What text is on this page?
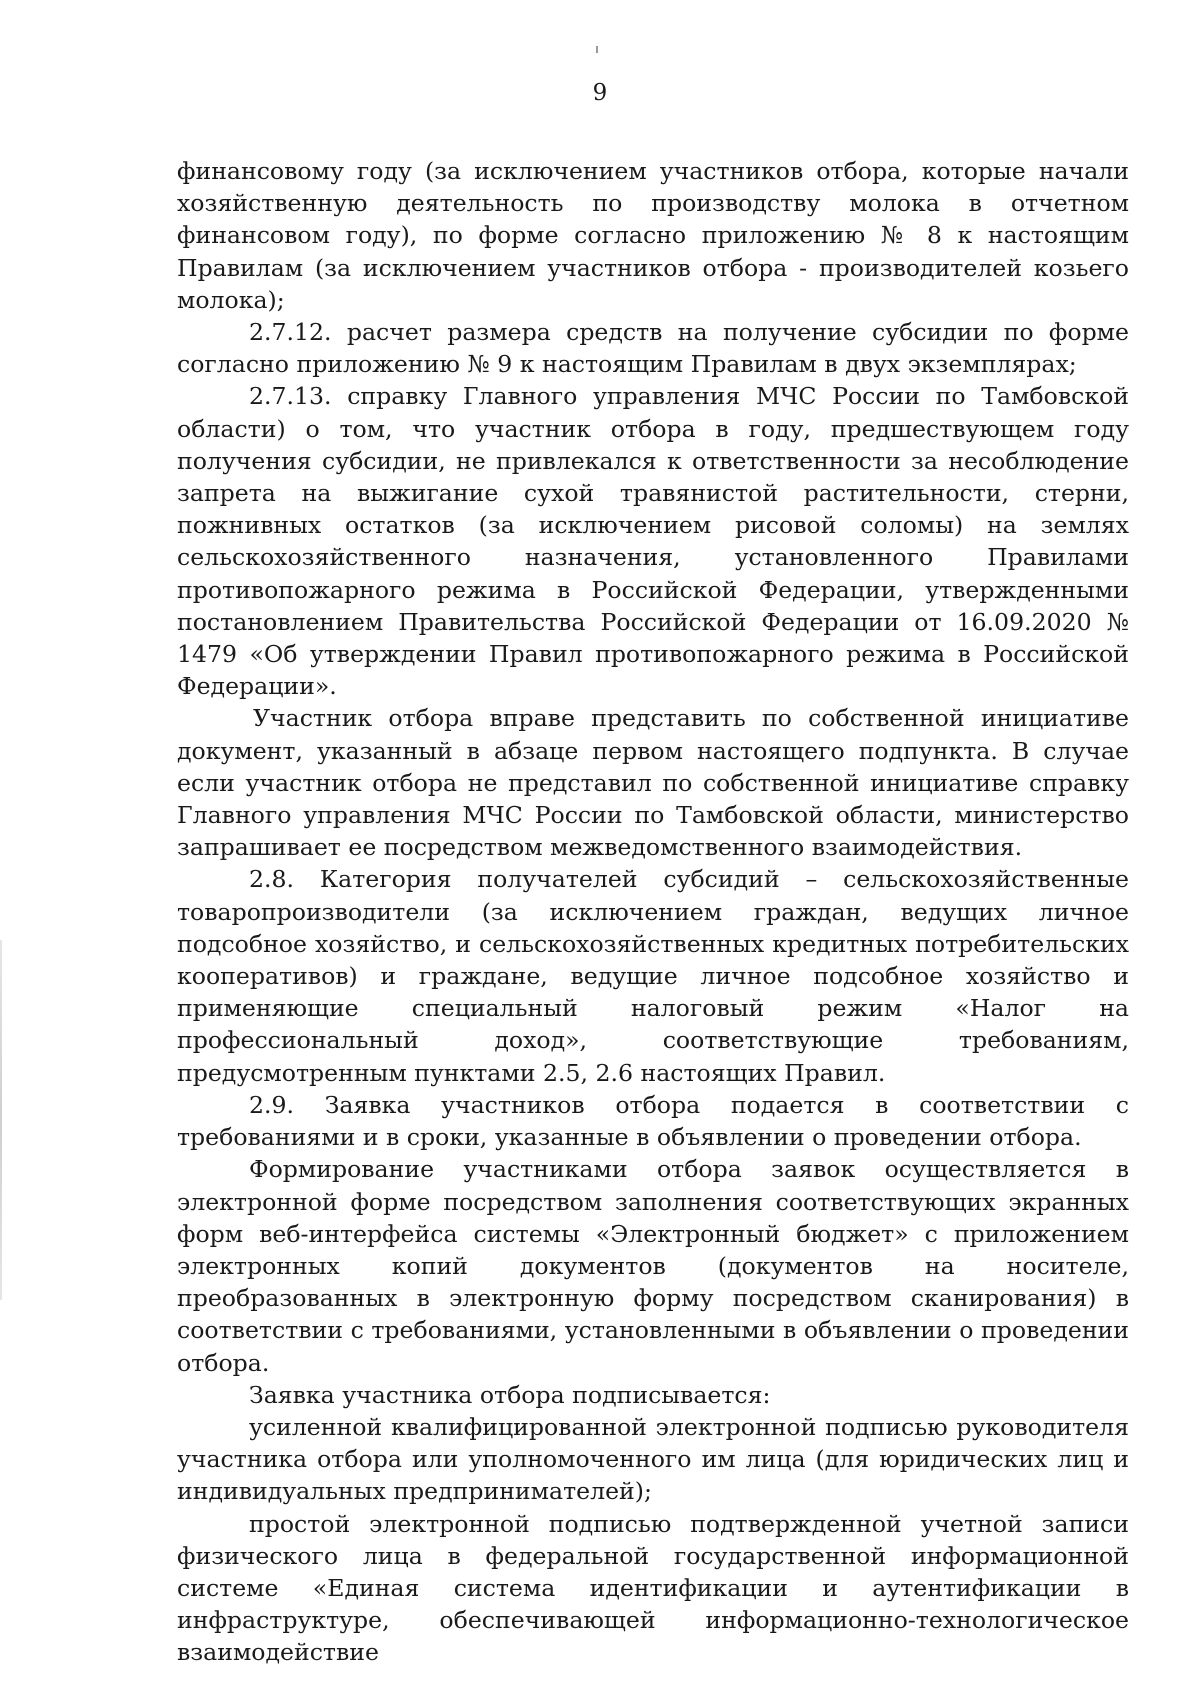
9

финансовому году (за исключением участников отбора, которые начали хозяйственную деятельность по производству молока в отчетном финансовом году), по форме согласно приложению № 8 к настоящим Правилам (за исключением участников отбора - производителей козьего молока);

2.7.12. расчет размера средств на получение субсидии по форме согласно приложению № 9 к настоящим Правилам в двух экземплярах;

2.7.13. справку Главного управления МЧС России по Тамбовской области) о том, что участник отбора в году, предшествующем году получения субсидии, не привлекался к ответственности за несоблюдение запрета на выжигание сухой травянистой растительности, стерни, пожнивных остатков (за исключением рисовой соломы) на землях сельскохозяйственного назначения, установленного Правилами противопожарного режима в Российской Федерации, утвержденными постановлением Правительства Российской Федерации от 16.09.2020 № 1479 «Об утверждении Правил противопожарного режима в Российской Федерации».

Участник отбора вправе представить по собственной инициативе документ, указанный в абзаце первом настоящего подпункта. В случае если участник отбора не представил по собственной инициативе справку Главного управления МЧС России по Тамбовской области, министерство запрашивает ее посредством межведомственного взаимодействия.

2.8. Категория получателей субсидий – сельскохозяйственные товаропроизводители (за исключением граждан, ведущих личное подсобное хозяйство, и сельскохозяйственных кредитных потребительских кооперативов) и граждане, ведущие личное подсобное хозяйство и применяющие специальный налоговый режим «Налог на профессиональный доход», соответствующие требованиям, предусмотренным пунктами 2.5, 2.6 настоящих Правил.

2.9. Заявка участников отбора подается в соответствии с требованиями и в сроки, указанные в объявлении о проведении отбора.

Формирование участниками отбора заявок осуществляется в электронной форме посредством заполнения соответствующих экранных форм веб-интерфейса системы «Электронный бюджет» с приложением электронных копий документов (документов на носителе, преобразованных в электронную форму посредством сканирования) в соответствии с требованиями, установленными в объявлении о проведении отбора.

Заявка участника отбора подписывается:

усиленной квалифицированной электронной подписью руководителя участника отбора или уполномоченного им лица (для юридических лиц и индивидуальных предпринимателей);

простой электронной подписью подтвержденной учетной записи физического лица в федеральной государственной информационной системе «Единая система идентификации и аутентификации в инфраструктуре, обеспечивающей информационно-технологическое взаимодействие
